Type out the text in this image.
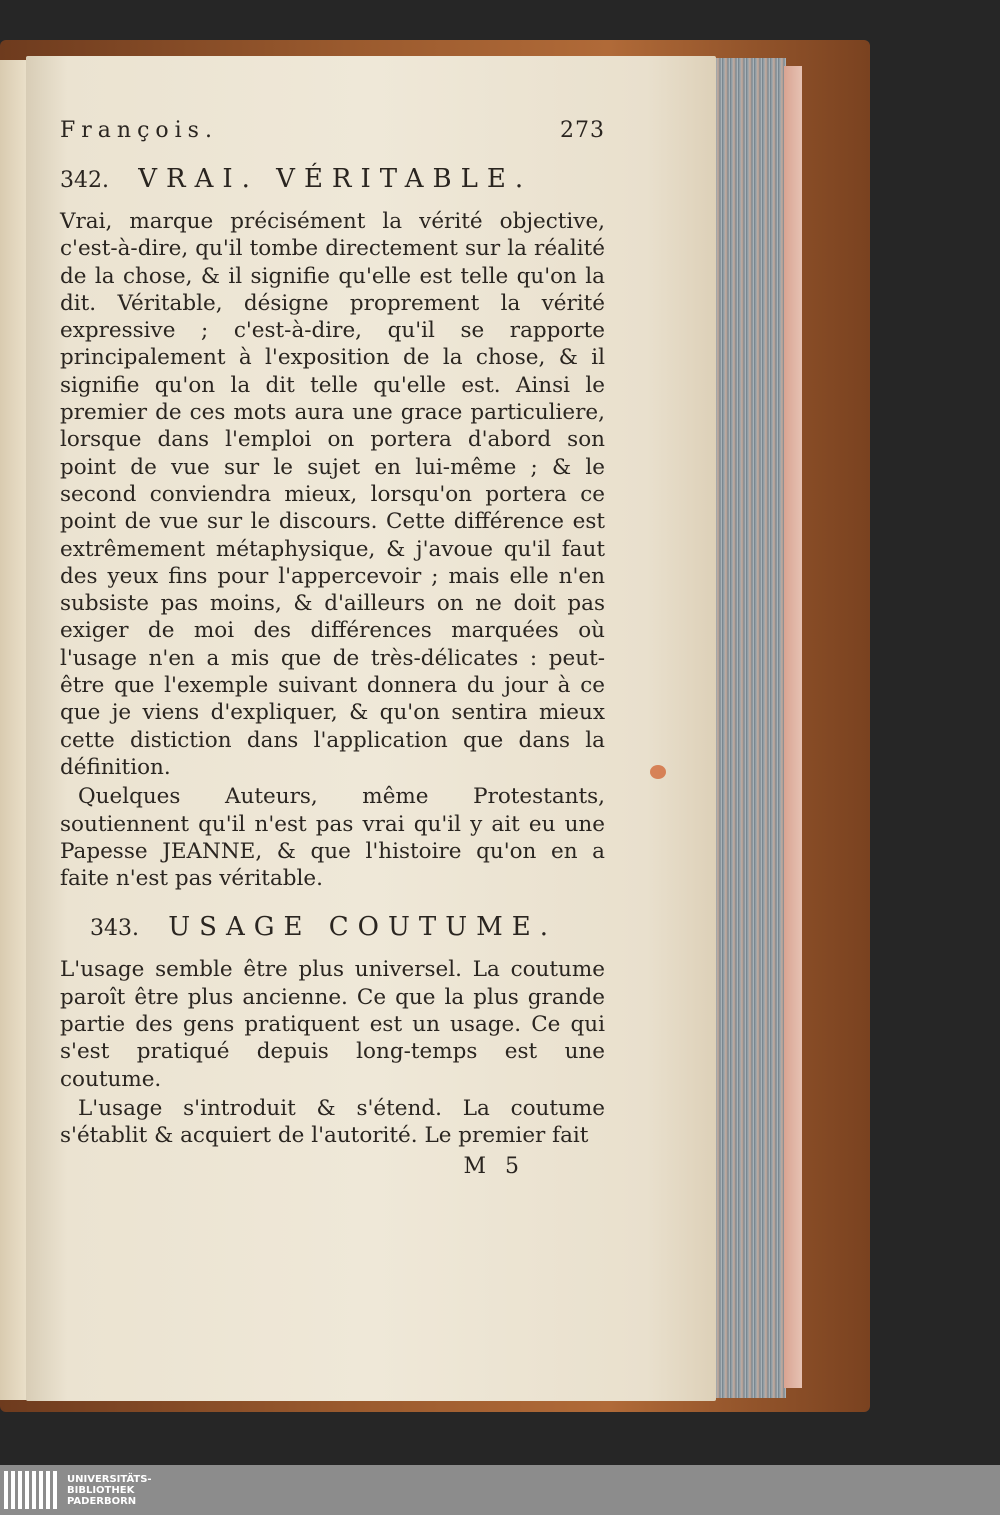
François.	273
342. VRAI. VÉRITABLE.

Vrai, marque précisément la vérité objective, c'est-à-dire, qu'il tombe directement sur la réalité de la chose, & il signifie qu'elle est telle qu'on la dit. Véritable, désigne proprement la vérité expressive ; c'est-à-dire, qu'il se rapporte principalement à l'exposition de la chose, & il signifie qu'on la dit telle qu'elle est. Ainsi le premier de ces mots aura une grace particuliere, lorsque dans l'emploi on portera d'abord son point de vue sur le sujet en lui-même ; & le second conviendra mieux, lorsqu'on portera ce point de vue sur le discours. Cette différence est extrêmement métaphysique, & j'avoue qu'il faut des yeux fins pour l'appercevoir ; mais elle n'en subsiste pas moins, & d'ailleurs on ne doit pas exiger de moi des différences marquées où l'usage n'en a mis que de très-délicates : peut-être que l'exemple suivant donnera du jour à ce que je viens d'expliquer, & qu'on sentira mieux cette distiction dans l'application que dans la définition.

Quelques Auteurs, même Protestants, soutiennent qu'il n'est pas vrai qu'il y ait eu une Papesse JEANNE, & que l'histoire qu'on en a faite n'est pas véritable.

343. USAGE COUTUME.

L'usage semble être plus universel. La coutume paroît être plus ancienne. Ce que la plus grande partie des gens pratiquent est un usage. Ce qui s'est pratiqué depuis long-temps est une coutume.

L'usage s'introduit & s'étend. La coutume s'établit & acquiert de l'autorité. Le premier fait

M 5
UNIVERSITÄTS-
BIBLIOTHEK
PADERBORN
